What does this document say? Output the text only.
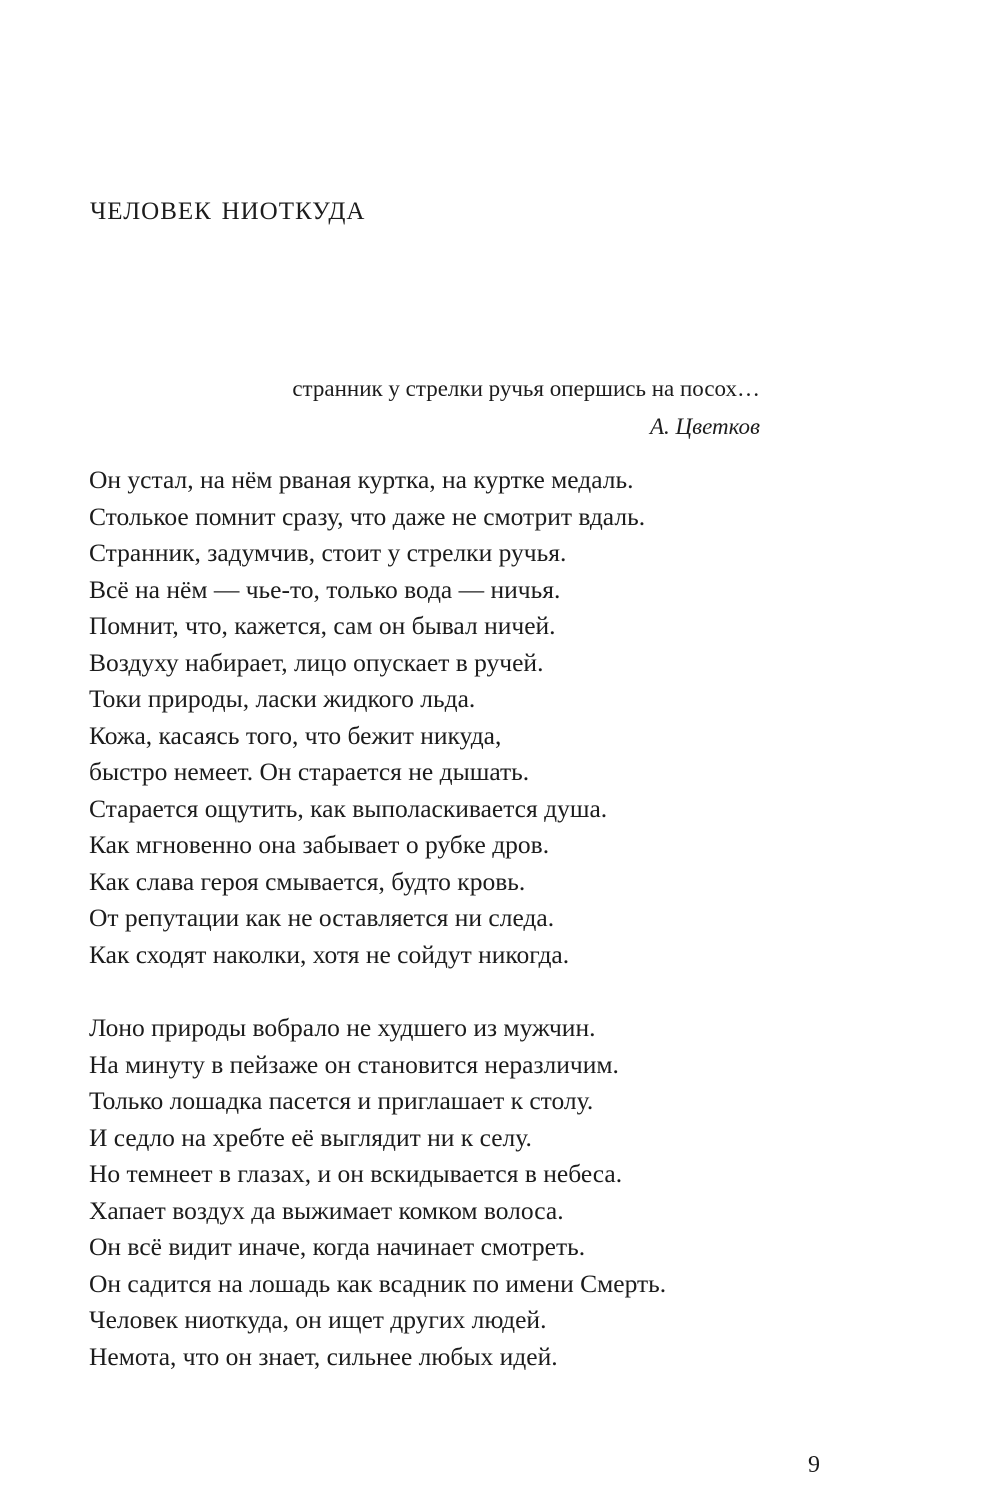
человек ниоткуда
странник у стрелки ручья опершись на посох…
А. Цветков
Он устал, на нём рваная куртка, на куртке медаль.
Столькое помнит сразу, что даже не смотрит вдаль.
Странник, задумчив, стоит у стрелки ручья.
Всё на нём — чье-то, только вода — ничья.
Помнит, что, кажется, сам он бывал ничей.
Воздуху набирает, лицо опускает в ручей.
Токи природы, ласки жидкого льда.
Кожа, касаясь того, что бежит никуда,
быстро немеет. Он старается не дышать.
Старается ощутить, как выполаскивается душа.
Как мгновенно она забывает о рубке дров.
Как слава героя смывается, будто кровь.
От репутации как не оставляется ни следа.
Как сходят наколки, хотя не сойдут никогда.
Лоно природы вобрало не худшего из мужчин.
На минуту в пейзаже он становится неразличим.
Только лошадка пасется и приглашает к столу.
И седло на хребте её выглядит ни к селу.
Но темнеет в глазах, и он вскидывается в небеса.
Хапает воздух да выжимает комком волоса.
Он всё видит иначе, когда начинает смотреть.
Он садится на лошадь как всадник по имени Смерть.
Человек ниоткуда, он ищет других людей.
Немота, что он знает, сильнее любых идей.
9
